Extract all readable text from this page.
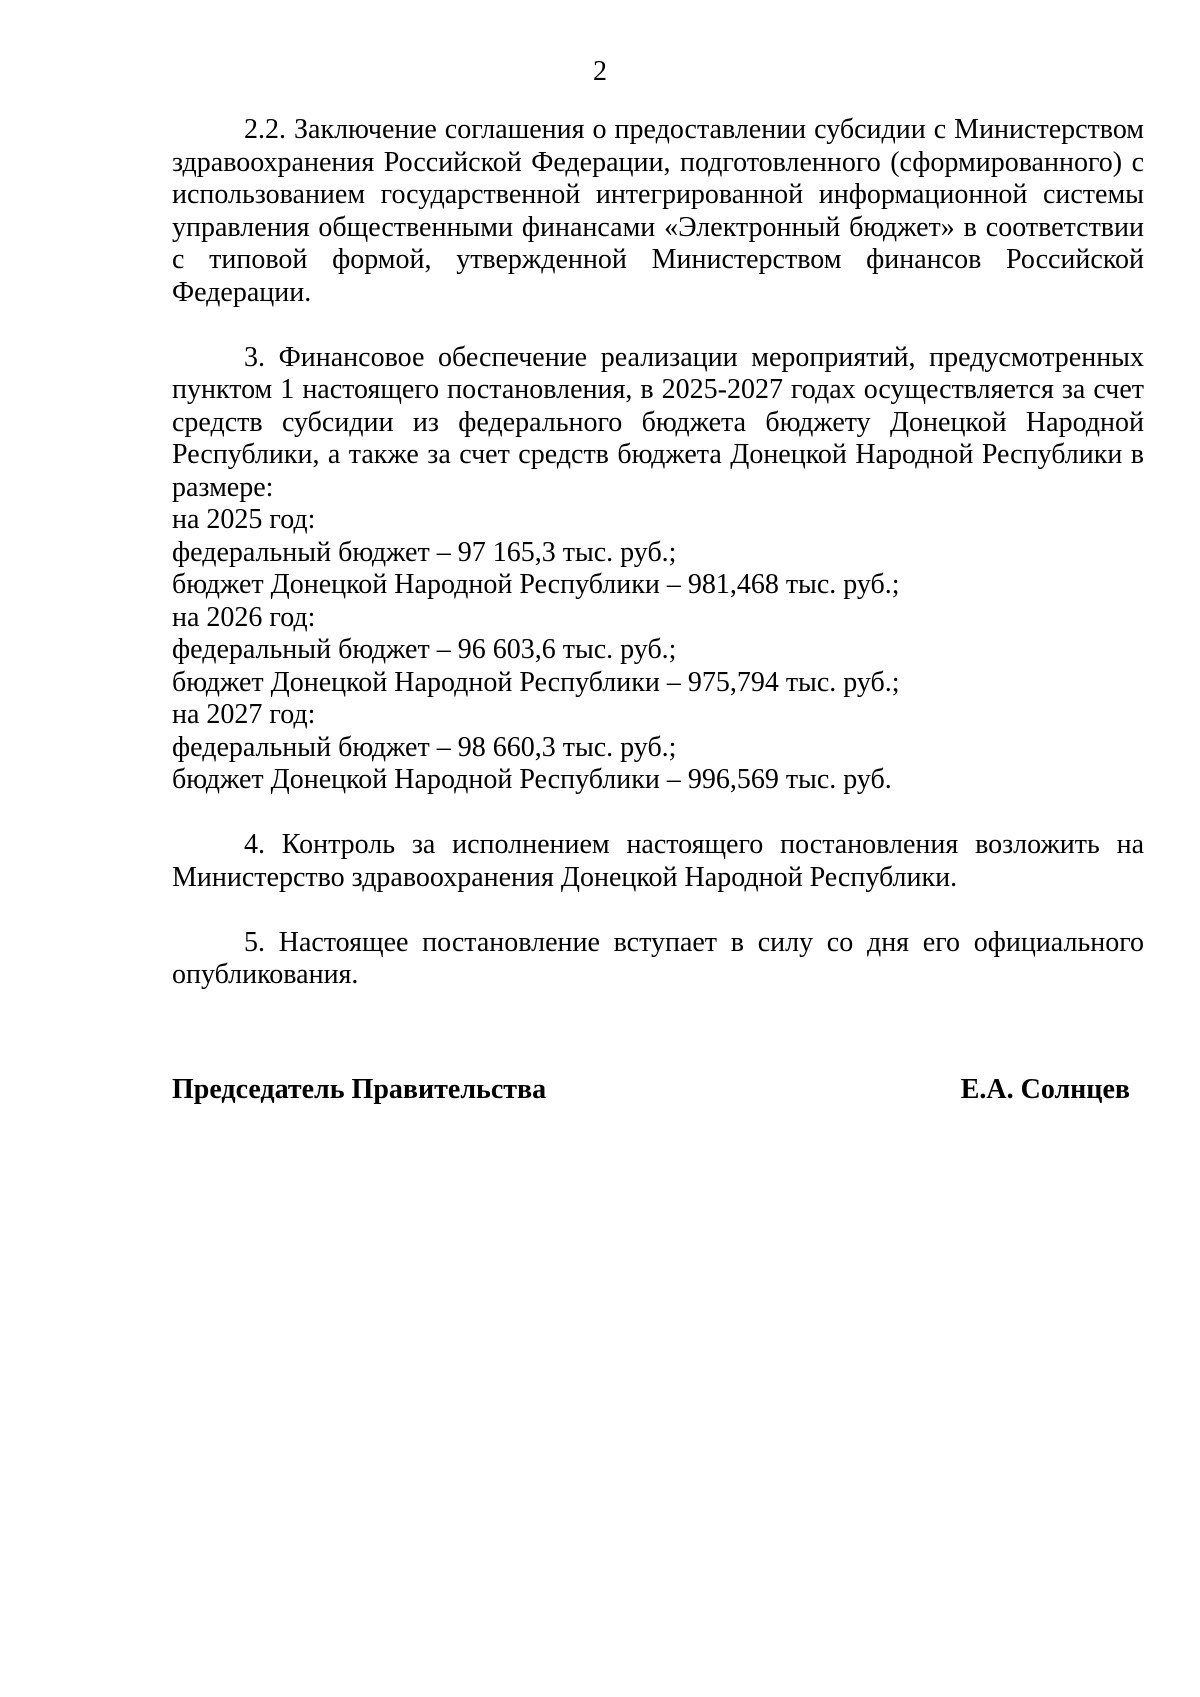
2

2.2. Заключение соглашения о предоставлении субсидии с Министерством здравоохранения Российской Федерации, подготовленного (сформированного) с использованием государственной интегрированной информационной системы управления общественными финансами «Электронный бюджет» в соответствии с типовой формой, утвержденной Министерством финансов Российской Федерации.

3. Финансовое обеспечение реализации мероприятий, предусмотренных пунктом 1 настоящего постановления, в 2025-2027 годах осуществляется за счет средств субсидии из федерального бюджета бюджету Донецкой Народной Республики, а также за счет средств бюджета Донецкой Народной Республики в размере:

на 2025 год:

федеральный бюджет – 97 165,3 тыс. руб.;

бюджет Донецкой Народной Республики – 981,468 тыс. руб.;

на 2026 год:

федеральный бюджет – 96 603,6 тыс. руб.;

бюджет Донецкой Народной Республики – 975,794 тыс. руб.;

на 2027 год:

федеральный бюджет – 98 660,3 тыс. руб.;

бюджет Донецкой Народной Республики – 996,569 тыс. руб.

4. Контроль за исполнением настоящего постановления возложить на Министерство здравоохранения Донецкой Народной Республики.

5. Настоящее постановление вступает в силу со дня его официального опубликования.

Председатель Правительства	Е.А. Солнцев
